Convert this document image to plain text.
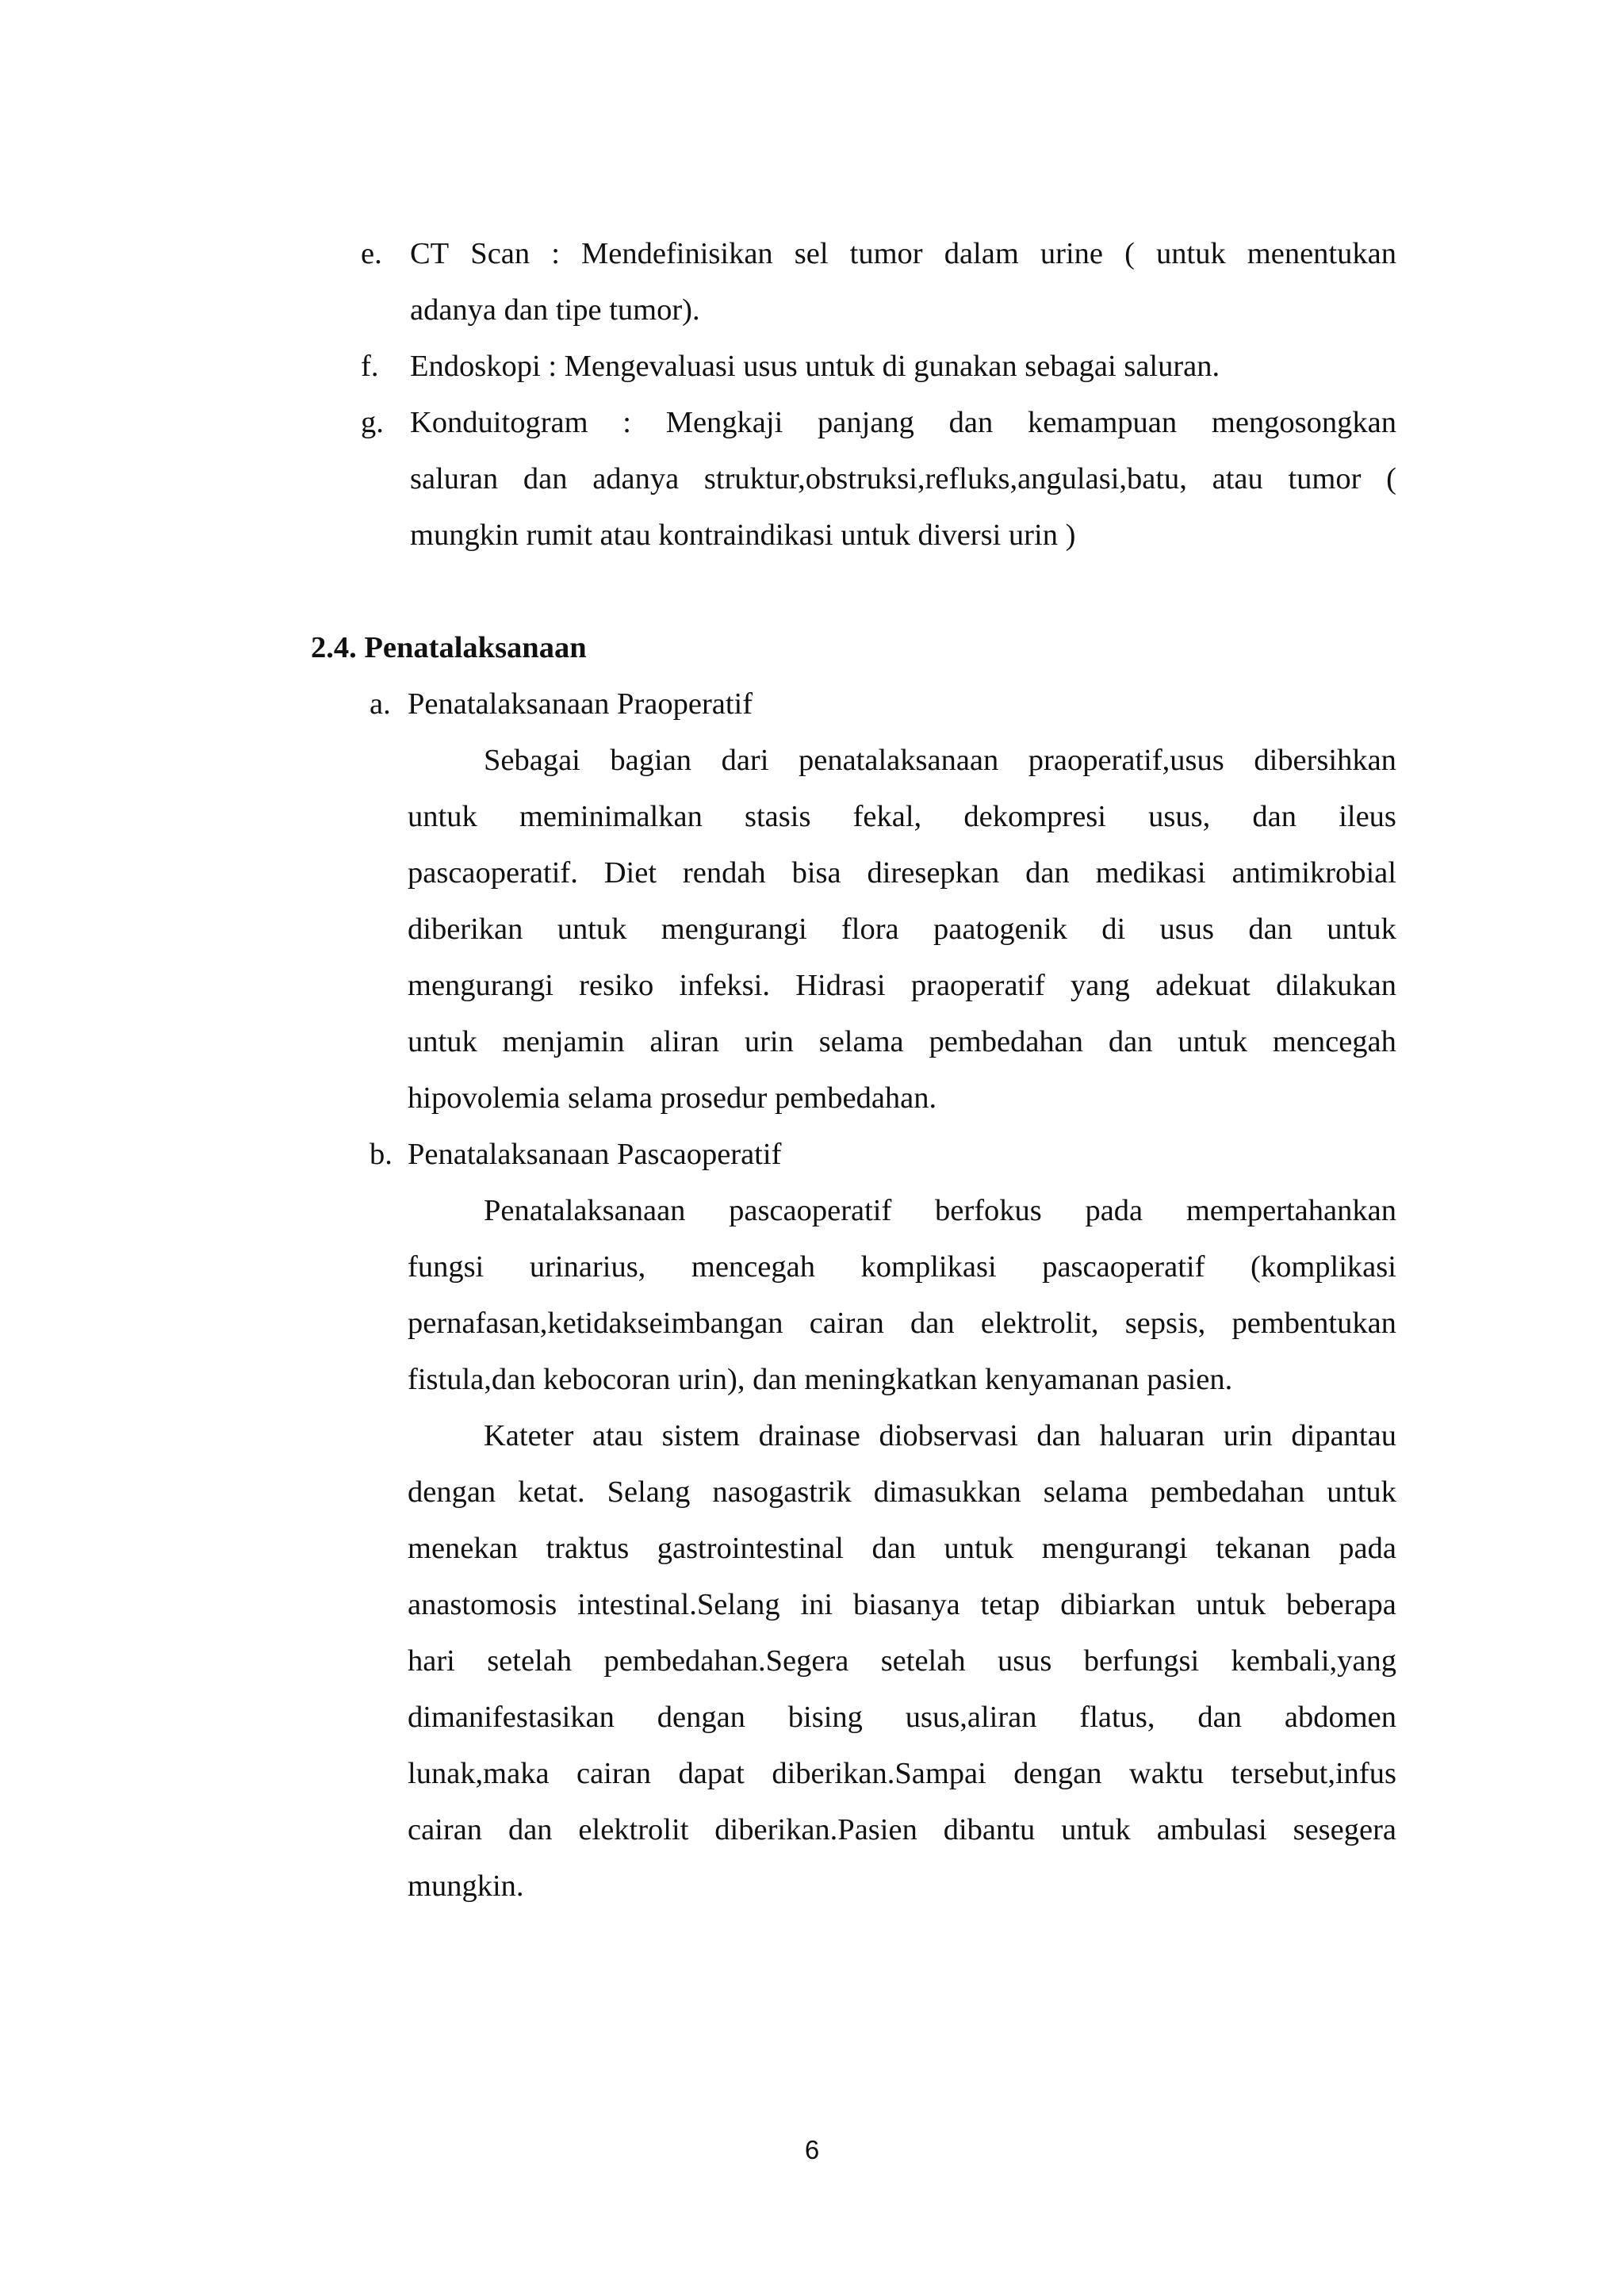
e. CT Scan : Mendefinisikan sel tumor dalam urine ( untuk menentukan
adanya dan tipe tumor).
f. Endoskopi : Mengevaluasi usus untuk di gunakan sebagai saluran.
g. Konduitogram : Mengkaji panjang dan kemampuan mengosongkan
saluran dan adanya struktur,obstruksi,refluks,angulasi,batu, atau tumor (
mungkin rumit atau kontraindikasi untuk diversi urin )
2.4. Penatalaksanaan
a. Penatalaksanaan Praoperatif
Sebagai bagian dari penatalaksanaan praoperatif,usus dibersihkan
untuk meminimalkan stasis fekal, dekompresi usus, dan ileus
pascaoperatif. Diet rendah bisa diresepkan dan medikasi antimikrobial
diberikan untuk mengurangi flora paatogenik di usus dan untuk
mengurangi resiko infeksi. Hidrasi praoperatif yang adekuat dilakukan
untuk menjamin aliran urin selama pembedahan dan untuk mencegah
hipovolemia selama prosedur pembedahan.
b. Penatalaksanaan Pascaoperatif
Penatalaksanaan pascaoperatif berfokus pada mempertahankan
fungsi urinarius, mencegah komplikasi pascaoperatif (komplikasi
pernafasan,ketidakseimbangan cairan dan elektrolit, sepsis, pembentukan
fistula,dan kebocoran urin), dan meningkatkan kenyamanan pasien.
Kateter atau sistem drainase diobservasi dan haluaran urin dipantau
dengan ketat. Selang nasogastrik dimasukkan selama pembedahan untuk
menekan traktus gastrointestinal dan untuk mengurangi tekanan pada
anastomosis intestinal.Selang ini biasanya tetap dibiarkan untuk beberapa
hari setelah pembedahan.Segera setelah usus berfungsi kembali,yang
dimanifestasikan dengan bising usus,aliran flatus, dan abdomen
lunak,maka cairan dapat diberikan.Sampai dengan waktu tersebut,infus
cairan dan elektrolit diberikan.Pasien dibantu untuk ambulasi sesegera
mungkin.
6
